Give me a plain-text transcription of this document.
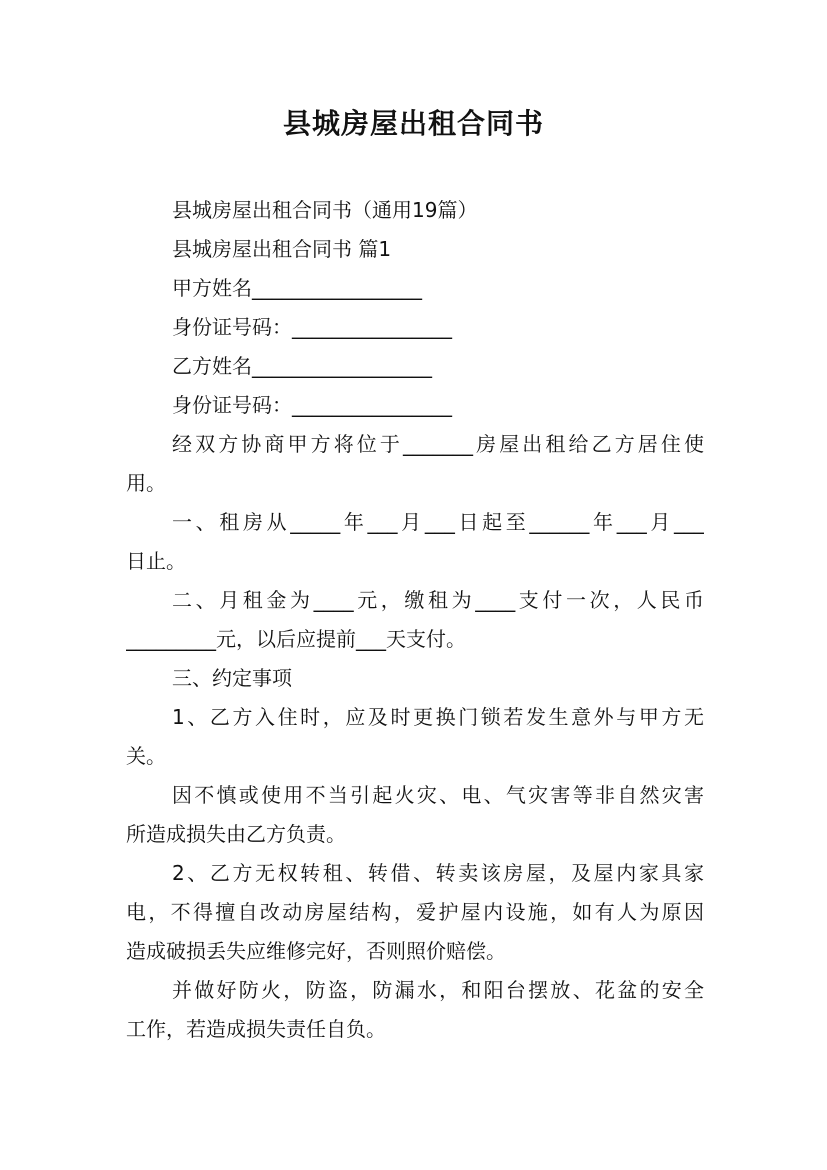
县城房屋出租合同书
县城房屋出租合同书（通用19篇）
县城房屋出租合同书 篇1
甲方姓名_________________
身份证号码：________________
乙方姓名__________________
身份证号码：________________
经双方协商甲方将位于_______房屋出租给乙方居住使
用。
一、租房从_____年___月___日起至______年___月___
日止。
二、月租金为____元，缴租为____支付一次，人民币
_________元，以后应提前___天支付。
三、约定事项
1、乙方入住时，应及时更换门锁若发生意外与甲方无
关。
因不慎或使用不当引起火灾、电、气灾害等非自然灾害
所造成损失由乙方负责。
2、乙方无权转租、转借、转卖该房屋，及屋内家具家
电，不得擅自改动房屋结构，爱护屋内设施，如有人为原因
造成破损丢失应维修完好，否则照价赔偿。
并做好防火，防盗，防漏水，和阳台摆放、花盆的安全
工作，若造成损失责任自负。
